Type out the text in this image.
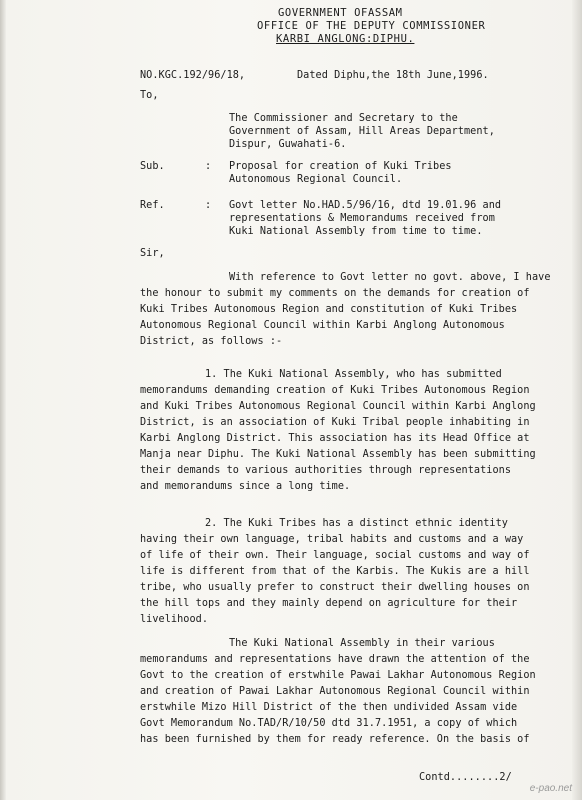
GOVERNMENT OFASSAM
OFFICE OF THE DEPUTY COMMISSIONER
KARBI ANGLONG:DIPHU.
NO.KGC.192/96/18,	Dated Diphu,the 18th June,1996.
To,
The Commissioner and Secretary to the
Government of Assam, Hill Areas Department,
Dispur, Guwahati-6.
Sub.	: Proposal for creation of Kuki Tribes
Autonomous Regional Council.
Ref.	: Govt letter No.HAD.5/96/16, dtd 19.01.96 and
representations & Memorandums received from
Kuki National Assembly from time to time.
Sir,
With reference to Govt letter no govt. above, I have
the honour to submit my comments on the demands for creation of
Kuki Tribes Autonomous Region and constitution of Kuki Tribes
Autonomous Regional Council within Karbi Anglong Autonomous
District, as follows :-
1. The Kuki National Assembly, who has submitted
memorandums demanding creation of Kuki Tribes Autonomous Region
and Kuki Tribes Autonomous Regional Council within Karbi Anglong
District, is an association of Kuki Tribal people inhabiting in
Karbi Anglong District. This association has its Head Office at
Manja near Diphu. The Kuki National Assembly has been submitting
their demands to various authorities through representations
and memorandums since a long time.
2. The Kuki Tribes has a distinct ethnic identity
having their own language, tribal habits and customs and a way
of life of their own. Their language, social customs and way of
life is different from that of the Karbis. The Kukis are a hill
tribe, who usually prefer to construct their dwelling houses on
the hill tops and they mainly depend on agriculture for their
livelihood.
The Kuki National Assembly in their various
memorandums and representations have drawn the attention of the
Govt to the creation of erstwhile Pawai Lakhar Autonomous Region
and creation of Pawai Lakhar Autonomous Regional Council within
erstwhile Mizo Hill District of the then undivided Assam vide
Govt Memorandum No.TAD/R/10/50 dtd 31.7.1951, a copy of which
has been furnished by them for ready reference. On the basis of
Contd........2/
e-pao.net
